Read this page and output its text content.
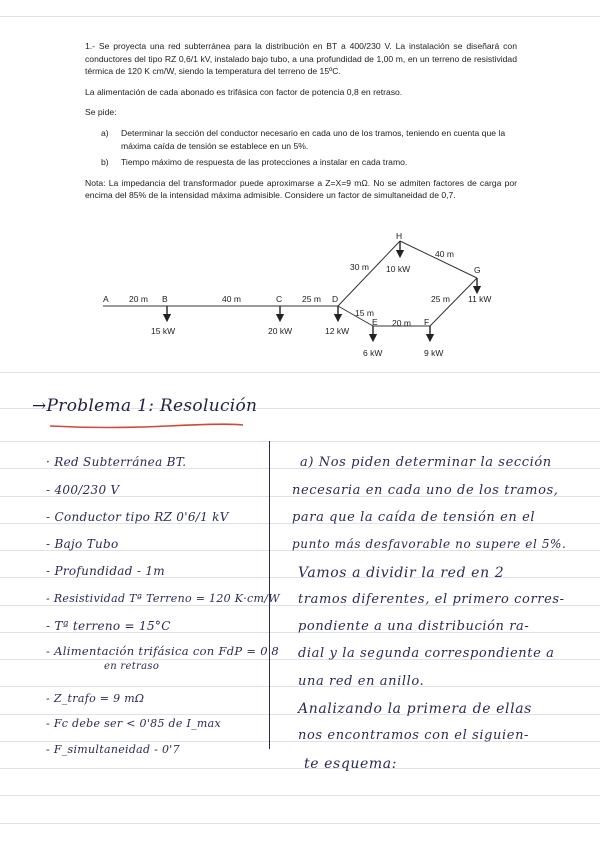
1.- Se proyecta una red subterránea para la distribución en BT a 400/230 V. La instalación se diseñará con conductores del tipo RZ 0,6/1 kV, instalado bajo tubo, a una profundidad de 1,00 m, en un terreno de resistividad térmica de 120 K cm/W, siendo la temperatura del terreno de 15ºC.

La alimentación de cada abonado es trifásica con factor de potencia 0,8 en retraso.

Se pide:

a) Determinar la sección del conductor necesario en cada uno de los tramos, teniendo en cuenta que la máxima caída de tensión se establece en un 5%.
b) Tiempo máximo de respuesta de las protecciones a instalar en cada tramo.

Nota: La impedancia del transformador puede aproximarse a Z=X=9 mΩ. No se admiten factores de carga por encima del 85% de la intensidad máxima admisible. Considere un factor de simultaneidad de 0,7.

A	B	C	D
H
G
E	F
20 m	40 m	25 m
30 m
40 m
25 m
15 m
20 m
15 kW	20 kW	12 kW
10 kW
11 kW
6 kW	9 kW
→Problema 1: Resolución
· Red Subterránea BT.
- 400/230 V
- Conductor tipo RZ 0'6/1 kV
- Bajo Tubo
- Profundidad - 1m
- Resistividad Tª Terreno = 120 K·cm/W
- Tª terreno = 15°C
- Alimentación trifásica con FdP = 0'8
en retraso
- Z_trafo = 9 mΩ
- Fc debe ser < 0'85 de I_max
- F_simultaneidad - 0'7
a) Nos piden determinar la sección
necesaria en cada uno de los tramos,
para que la caída de tensión en el
punto más desfavorable no supere el 5%.
Vamos a dividir la red en 2
tramos diferentes, el primero corres-
pondiente a una distribución ra-
dial y la segunda correspondiente a
una red en anillo.
Analizando la primera de ellas
nos encontramos con el siguien-
te esquema:
